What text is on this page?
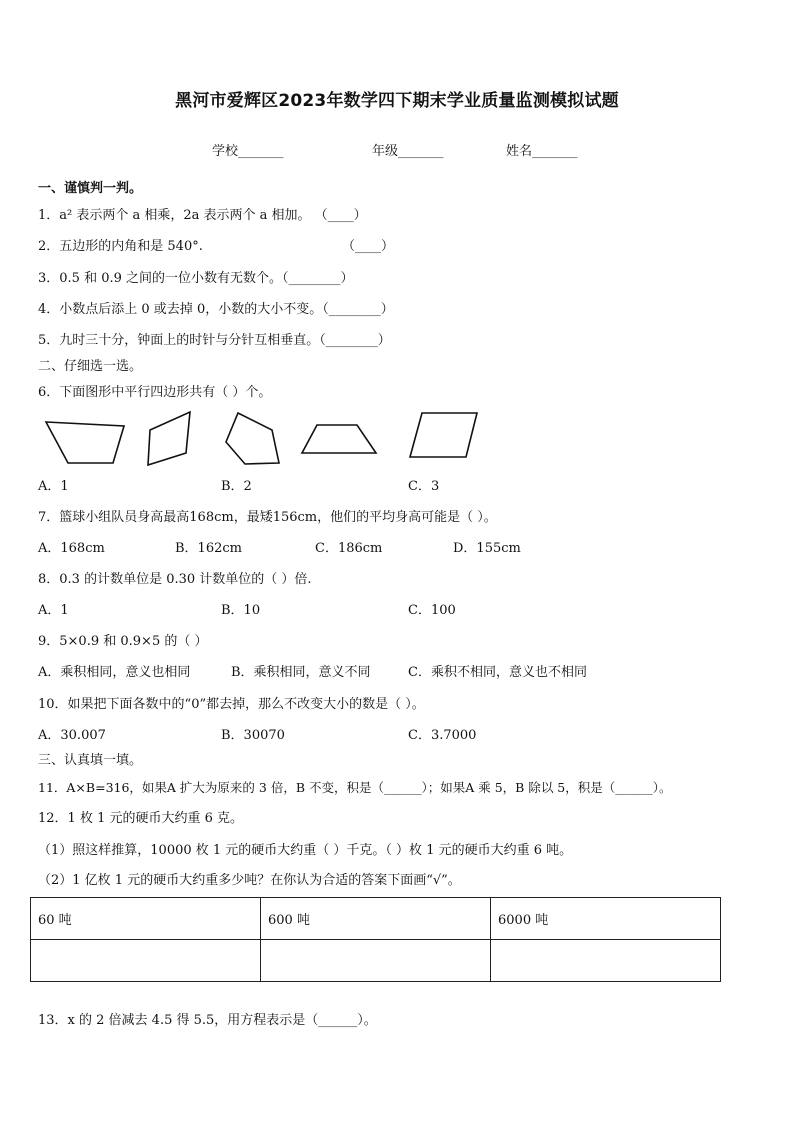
黑河市爱辉区2023年数学四下期末学业质量监测模拟试题
学校_______	年级_______	姓名_______
一、谨慎判一判。
1．a² 表示两个 a 相乘，2a 表示两个 a 相加。 （____）
2．五边形的内角和是 540°.	（____）
3．0.5 和 0.9 之间的一位小数有无数个。（________）
4．小数点后添上 0 或去掉 0，小数的大小不变。（________）
5．九时三十分，钟面上的时针与分针互相垂直。（________）
二、仔细选一选。
6．下面图形中平行四边形共有（ ）个。
A．1	B．2	C．3
7．篮球小组队员身高最高168cm，最矮156cm，他们的平均身高可能是（ ）。
A．168cm	B．162cm	C．186cm	D．155cm
8．0.3 的计数单位是 0.30 计数单位的（ ）倍.
A．1	B．10	C．100
9．5×0.9 和 0.9×5 的（ ）
A．乘积相同，意义也相同	B．乘积相同，意义不同	C．乘积不相同，意义也不相同
10．如果把下面各数中的“0”都去掉，那么不改变大小的数是（ ）。
A．30.007	B．30070	C．3.7000
三、认真填一填。
11．A×B=316，如果A 扩大为原来的 3 倍，B 不变，积是（______）；如果A 乘 5，B 除以 5，积是（______）。
12．1 枚 1 元的硬币大约重 6 克。
（1）照这样推算，10000 枚 1 元的硬币大约重（ ）千克。（ ）枚 1 元的硬币大约重 6 吨。
（2）1 亿枚 1 元的硬币大约重多少吨？在你认为合适的答案下面画“√”。
60 吨	600 吨	6000 吨

13．x 的 2 倍减去 4.5 得 5.5，用方程表示是（______）。
